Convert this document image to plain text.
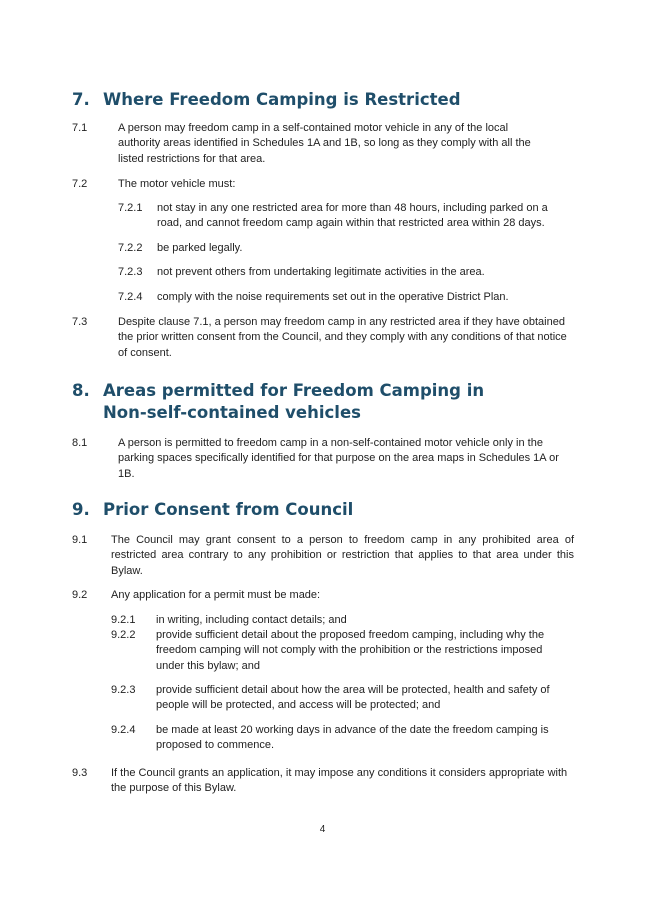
7. Where Freedom Camping is Restricted
7.1	A person may freedom camp in a self-contained motor vehicle in any of the local authority areas identified in Schedules 1A and 1B, so long as they comply with all the listed restrictions for that area.
7.2	The motor vehicle must:
7.2.1 not stay in any one restricted area for more than 48 hours, including parked on a road, and cannot freedom camp again within that restricted area within 28 days.
7.2.2 be parked legally.
7.2.3 not prevent others from undertaking legitimate activities in the area.
7.2.4 comply with the noise requirements set out in the operative District Plan.
7.3	Despite clause 7.1, a person may freedom camp in any restricted area if they have obtained the prior written consent from the Council, and they comply with any conditions of that notice of consent.
8. Areas permitted for Freedom Camping in Non-self-contained vehicles
8.1	A person is permitted to freedom camp in a non-self-contained motor vehicle only in the parking spaces specifically identified for that purpose on the area maps in Schedules 1A or 1B.
9. Prior Consent from Council
9.1 The Council may grant consent to a person to freedom camp in any prohibited area of restricted area contrary to any prohibition or restriction that applies to that area under this Bylaw.
9.2 Any application for a permit must be made:
9.2.1 in writing, including contact details; and
9.2.2 provide sufficient detail about the proposed freedom camping, including why the freedom camping will not comply with the prohibition or the restrictions imposed under this bylaw; and
9.2.3 provide sufficient detail about how the area will be protected, health and safety of people will be protected, and access will be protected; and
9.2.4 be made at least 20 working days in advance of the date the freedom camping is proposed to commence.
9.3 If the Council grants an application, it may impose any conditions it considers appropriate with the purpose of this Bylaw.
4
